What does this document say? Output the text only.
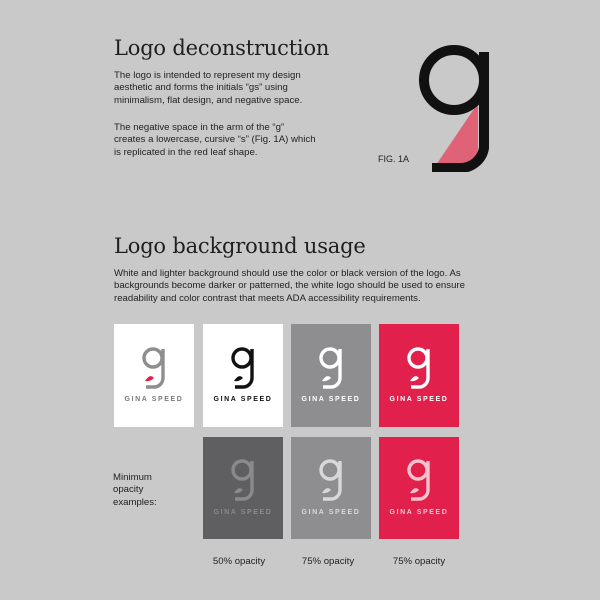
Logo deconstruction
The logo is intended to represent my design
aesthetic and forms the initials “gs” using
minimalism, flat design, and negative space.
The negative space in the arm of the “g”
creates a lowercase, cursive “s” (Fig. 1A) which
is replicated in the red leaf shape.
FIG. 1A
Logo background usage
White and lighter background should use the color or black version of the logo. As
backgrounds become darker or patterned, the white logo should be used to ensure
readability and color contrast that meets ADA accessibility requirements.
GINA SPEED	GINA SPEED	GINA SPEED	GINA SPEED
Minimum
opacity
examples:
GINA SPEED	GINA SPEED	GINA SPEED
50% opacity	75% opacity	75% opacity
